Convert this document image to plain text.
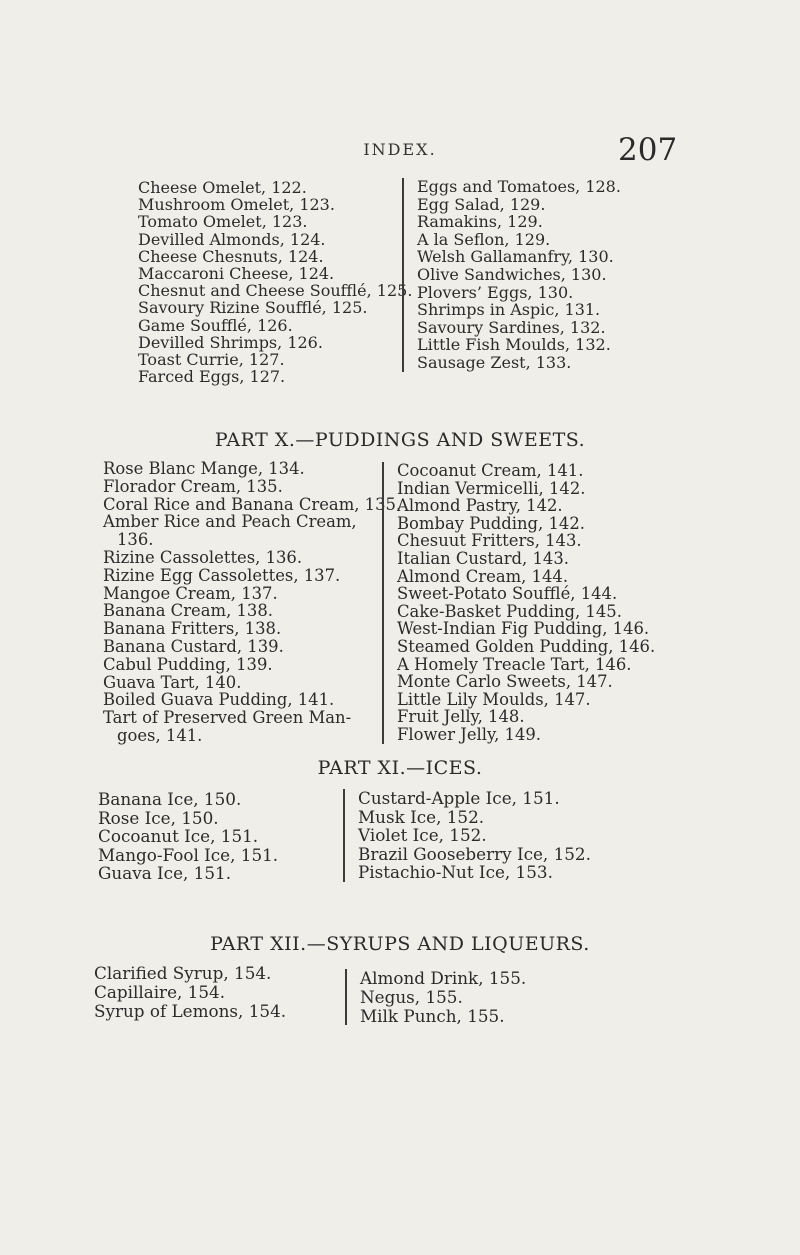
INDEX.	207
Cheese Omelet, 122.
Mushroom Omelet, 123.
Tomato Omelet, 123.
Devilled Almonds, 124.
Cheese Chesnuts, 124.
Maccaroni Cheese, 124.
Chesnut and Cheese Soufflé, 125.
Savoury Rizine Soufflé, 125.
Game Soufflé, 126.
Devilled Shrimps, 126.
Toast Currie, 127.
Farced Eggs, 127.
Eggs and Tomatoes, 128.
Egg Salad, 129.
Ramakins, 129.
A la Seflon, 129.
Welsh Gallamanfry, 130.
Olive Sandwiches, 130.
Plovers’ Eggs, 130.
Shrimps in Aspic, 131.
Savoury Sardines, 132.
Little Fish Moulds, 132.
Sausage Zest, 133.
PART X.—PUDDINGS AND SWEETS.
Rose Blanc Mange, 134.
Florador Cream, 135.
Coral Rice and Banana Cream, 135.
Amber Rice and Peach Cream, 136.
Rizine Cassolettes, 136.
Rizine Egg Cassolettes, 137.
Mangoe Cream, 137.
Banana Cream, 138.
Banana Fritters, 138.
Banana Custard, 139.
Cabul Pudding, 139.
Guava Tart, 140.
Boiled Guava Pudding, 141.
Tart of Preserved Green Man-goes, 141.
Cocoanut Cream, 141.
Indian Vermicelli, 142.
Almond Pastry, 142.
Bombay Pudding, 142.
Chesuut Fritters, 143.
Italian Custard, 143.
Almond Cream, 144.
Sweet-Potato Soufflé, 144.
Cake-Basket Pudding, 145.
West-Indian Fig Pudding, 146.
Steamed Golden Pudding, 146.
A Homely Treacle Tart, 146.
Monte Carlo Sweets, 147.
Little Lily Moulds, 147.
Fruit Jelly, 148.
Flower Jelly, 149.
PART XI.—ICES.
Banana Ice, 150.
Rose Ice, 150.
Cocoanut Ice, 151.
Mango-Fool Ice, 151.
Guava Ice, 151.
Custard-Apple Ice, 151.
Musk Ice, 152.
Violet Ice, 152.
Brazil Gooseberry Ice, 152.
Pistachio-Nut Ice, 153.
PART XII.—SYRUPS AND LIQUEURS.
Clarified Syrup, 154.
Capillaire, 154.
Syrup of Lemons, 154.
Almond Drink, 155.
Negus, 155.
Milk Punch, 155.
